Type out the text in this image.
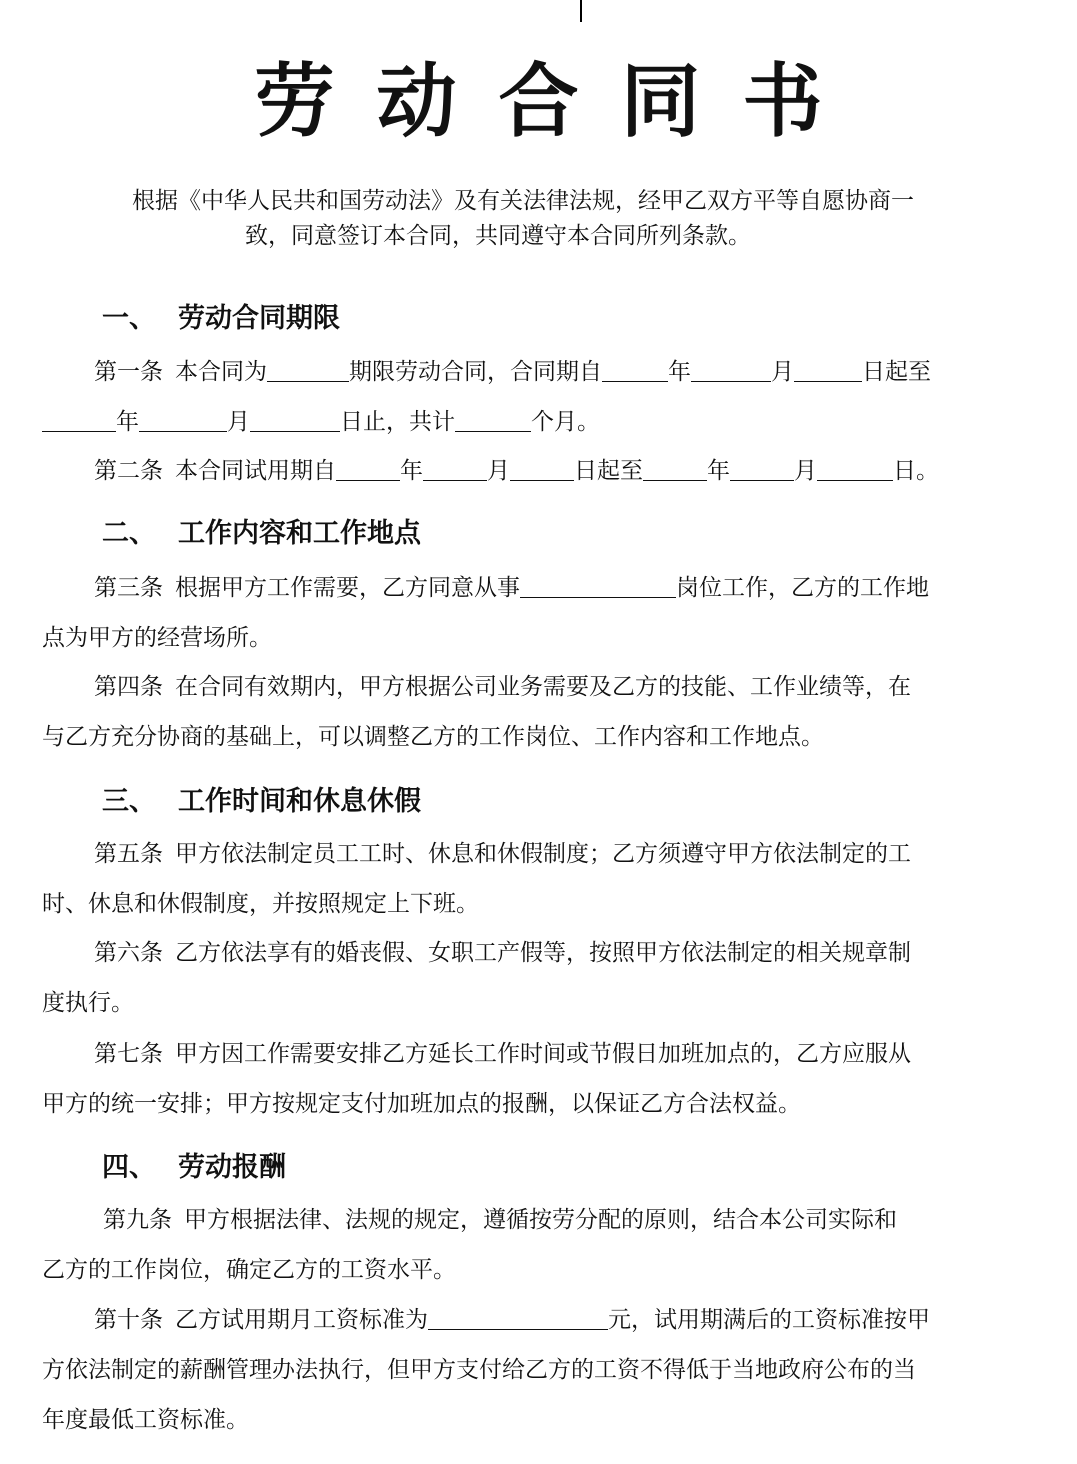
劳动合同书
根据《中华人民共和国劳动法》及有关法律法规，经甲乙双方平等自愿协商一
致，同意签订本合同，共同遵守本合同所列条款。
一、 劳动合同期限
第一条 本合同为	期限劳动合同，合同期自	年	月	日起至
年	月	日止，共计	个月。
第二条 本合同试用期自	年	月	日起至	年	月	日。
二、 工作内容和工作地点
第三条 根据甲方工作需要，乙方同意从事	岗位工作，乙方的工作地
点为甲方的经营场所。
第四条 在合同有效期内，甲方根据公司业务需要及乙方的技能、工作业绩等，在
与乙方充分协商的基础上，可以调整乙方的工作岗位、工作内容和工作地点。
三、 工作时间和休息休假
第五条 甲方依法制定员工工时、休息和休假制度；乙方须遵守甲方依法制定的工
时、休息和休假制度，并按照规定上下班。
第六条 乙方依法享有的婚丧假、女职工产假等，按照甲方依法制定的相关规章制
度执行。
第七条 甲方因工作需要安排乙方延长工作时间或节假日加班加点的，乙方应服从
甲方的统一安排；甲方按规定支付加班加点的报酬，以保证乙方合法权益。
四、 劳动报酬
第九条 甲方根据法律、法规的规定，遵循按劳分配的原则，结合本公司实际和
乙方的工作岗位，确定乙方的工资水平。
第十条 乙方试用期月工资标准为	元，试用期满后的工资标准按甲
方依法制定的薪酬管理办法执行，但甲方支付给乙方的工资不得低于当地政府公布的当
年度最低工资标准。
